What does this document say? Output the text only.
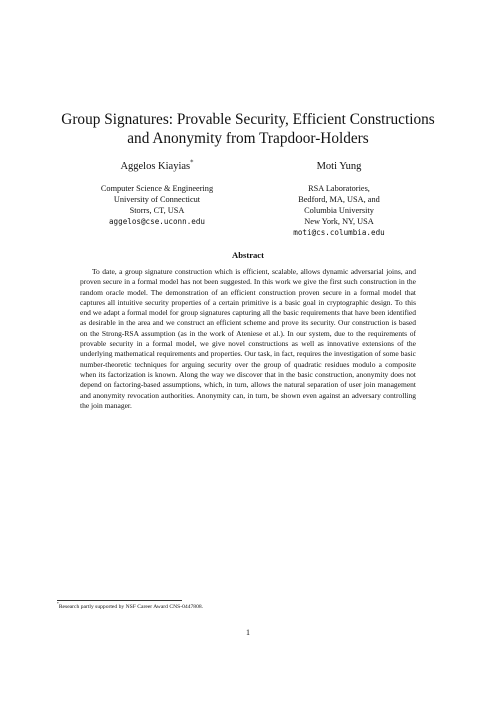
Group Signatures: Provable Security, Efficient Constructions
and Anonymity from Trapdoor-Holders
Aggelos Kiayias*
Computer Science & Engineering
University of Connecticut
Storrs, CT, USA
aggelos@cse.uconn.edu
Moti Yung
RSA Laboratories,
Bedford, MA, USA, and
Columbia University
New York, NY, USA
moti@cs.columbia.edu
Abstract

To date, a group signature construction which is efficient, scalable, allows dynamic adversarial joins, and proven secure in a formal model has not been suggested. In this work we give the first such construction in the random oracle model. The demonstration of an efficient construction proven secure in a formal model that captures all intuitive security properties of a certain primitive is a basic goal in cryptographic design. To this end we adapt a formal model for group signatures capturing all the basic requirements that have been identified as desirable in the area and we construct an efficient scheme and prove its security. Our construction is based on the Strong-RSA assumption (as in the work of Ateniese et al.). In our system, due to the requirements of provable security in a formal model, we give novel constructions as well as innovative extensions of the underlying mathematical requirements and properties. Our task, in fact, requires the investigation of some basic number-theoretic techniques for arguing security over the group of quadratic residues modulo a composite when its factorization is known. Along the way we discover that in the basic construction, anonymity does not depend on factoring-based assumptions, which, in turn, allows the natural separation of user join management and anonymity revocation authorities. Anonymity can, in turn, be shown even against an adversary controlling the join manager.

*Research partly supported by NSF Career Award CNS-0447808.

1
